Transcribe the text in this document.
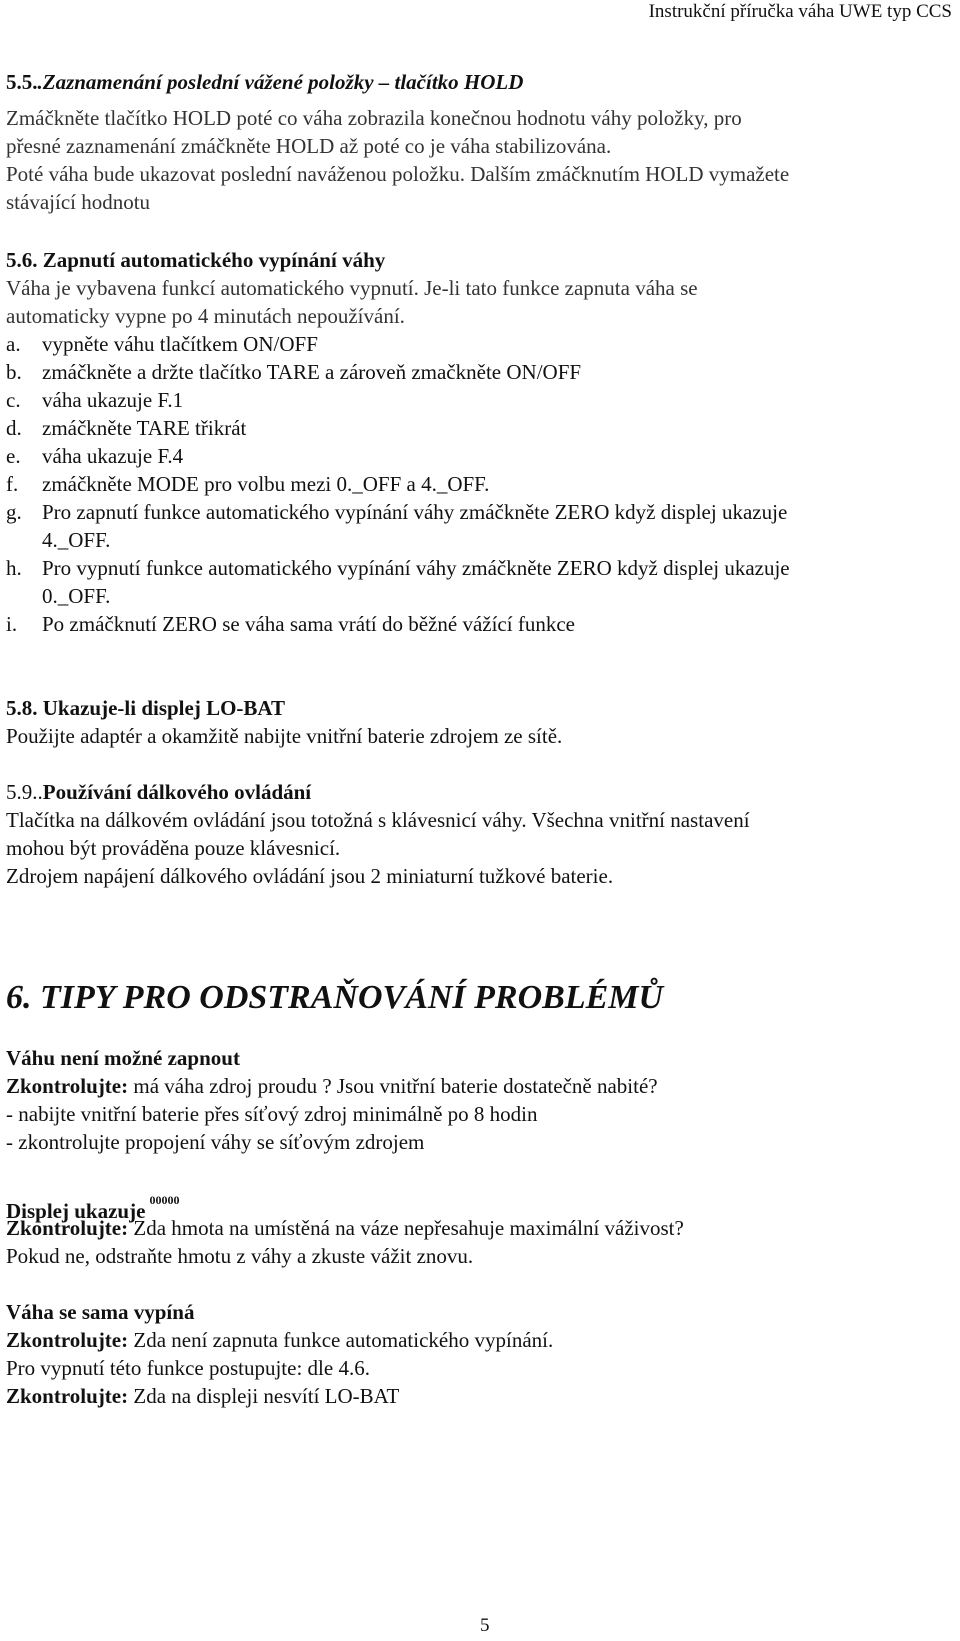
Instrukční příručka váha UWE typ CCS
5.5..Zaznamenání poslední vážené položky – tlačítko HOLD
Zmáčkněte tlačítko HOLD poté co váha zobrazila konečnou hodnotu váhy položky, pro
přesné zaznamenání zmáčkněte HOLD až poté co je váha stabilizována.
Poté váha bude ukazovat poslední naváženou položku. Dalším zmáčknutím HOLD vymažete
stávající hodnotu
5.6. Zapnutí automatického vypínání váhy
Váha je vybavena funkcí automatického vypnutí. Je-li tato funkce zapnuta váha se
automaticky vypne po 4 minutách nepoužívání.
a. vypněte váhu tlačítkem ON/OFF
b. zmáčkněte a držte tlačítko TARE a zároveň zmačkněte ON/OFF
c. váha ukazuje F.1
d. zmáčkněte TARE třikrát
e. váha ukazuje F.4
f. zmáčkněte MODE pro volbu mezi 0._OFF a 4._OFF.
g. Pro zapnutí funkce automatického vypínání váhy zmáčkněte ZERO když displej ukazuje
4._OFF.
h. Pro vypnutí funkce automatického vypínání váhy zmáčkněte ZERO když displej ukazuje
0._OFF.
i. Po zmáčknutí ZERO se váha sama vrátí do běžné vážící funkce
5.8. Ukazuje-li displej LO-BAT
Použijte adaptér a okamžitě nabijte vnitřní baterie zdrojem ze sítě.
5.9..Používání dálkového ovládání
Tlačítka na dálkovém ovládání jsou totožná s klávesnicí váhy. Všechna vnitřní nastavení
mohou být prováděna pouze klávesnicí.
Zdrojem napájení dálkového ovládání jsou 2 miniaturní tužkové baterie.
6. TIPY PRO ODSTRAŇOVÁNÍ PROBLÉMŮ
Váhu není možné zapnout
Zkontrolujte: má váha zdroj proudu ? Jsou vnitřní baterie dostatečně nabité?
- nabijte vnitřní baterie přes síťový zdroj minimálně po 8 hodin
- zkontrolujte propojení váhy se síťovým zdrojem
Displej ukazuje $^{00000}$
Zkontrolujte: Zda hmota na umístěná na váze nepřesahuje maximální váživost?
Pokud ne, odstraňte hmotu z váhy a zkuste vážit znovu.
Váha se sama vypíná
Zkontrolujte: Zda není zapnuta funkce automatického vypínání.
Pro vypnutí této funkce postupujte: dle 4.6.
Zkontrolujte: Zda na displeji nesvítí LO-BAT
5
